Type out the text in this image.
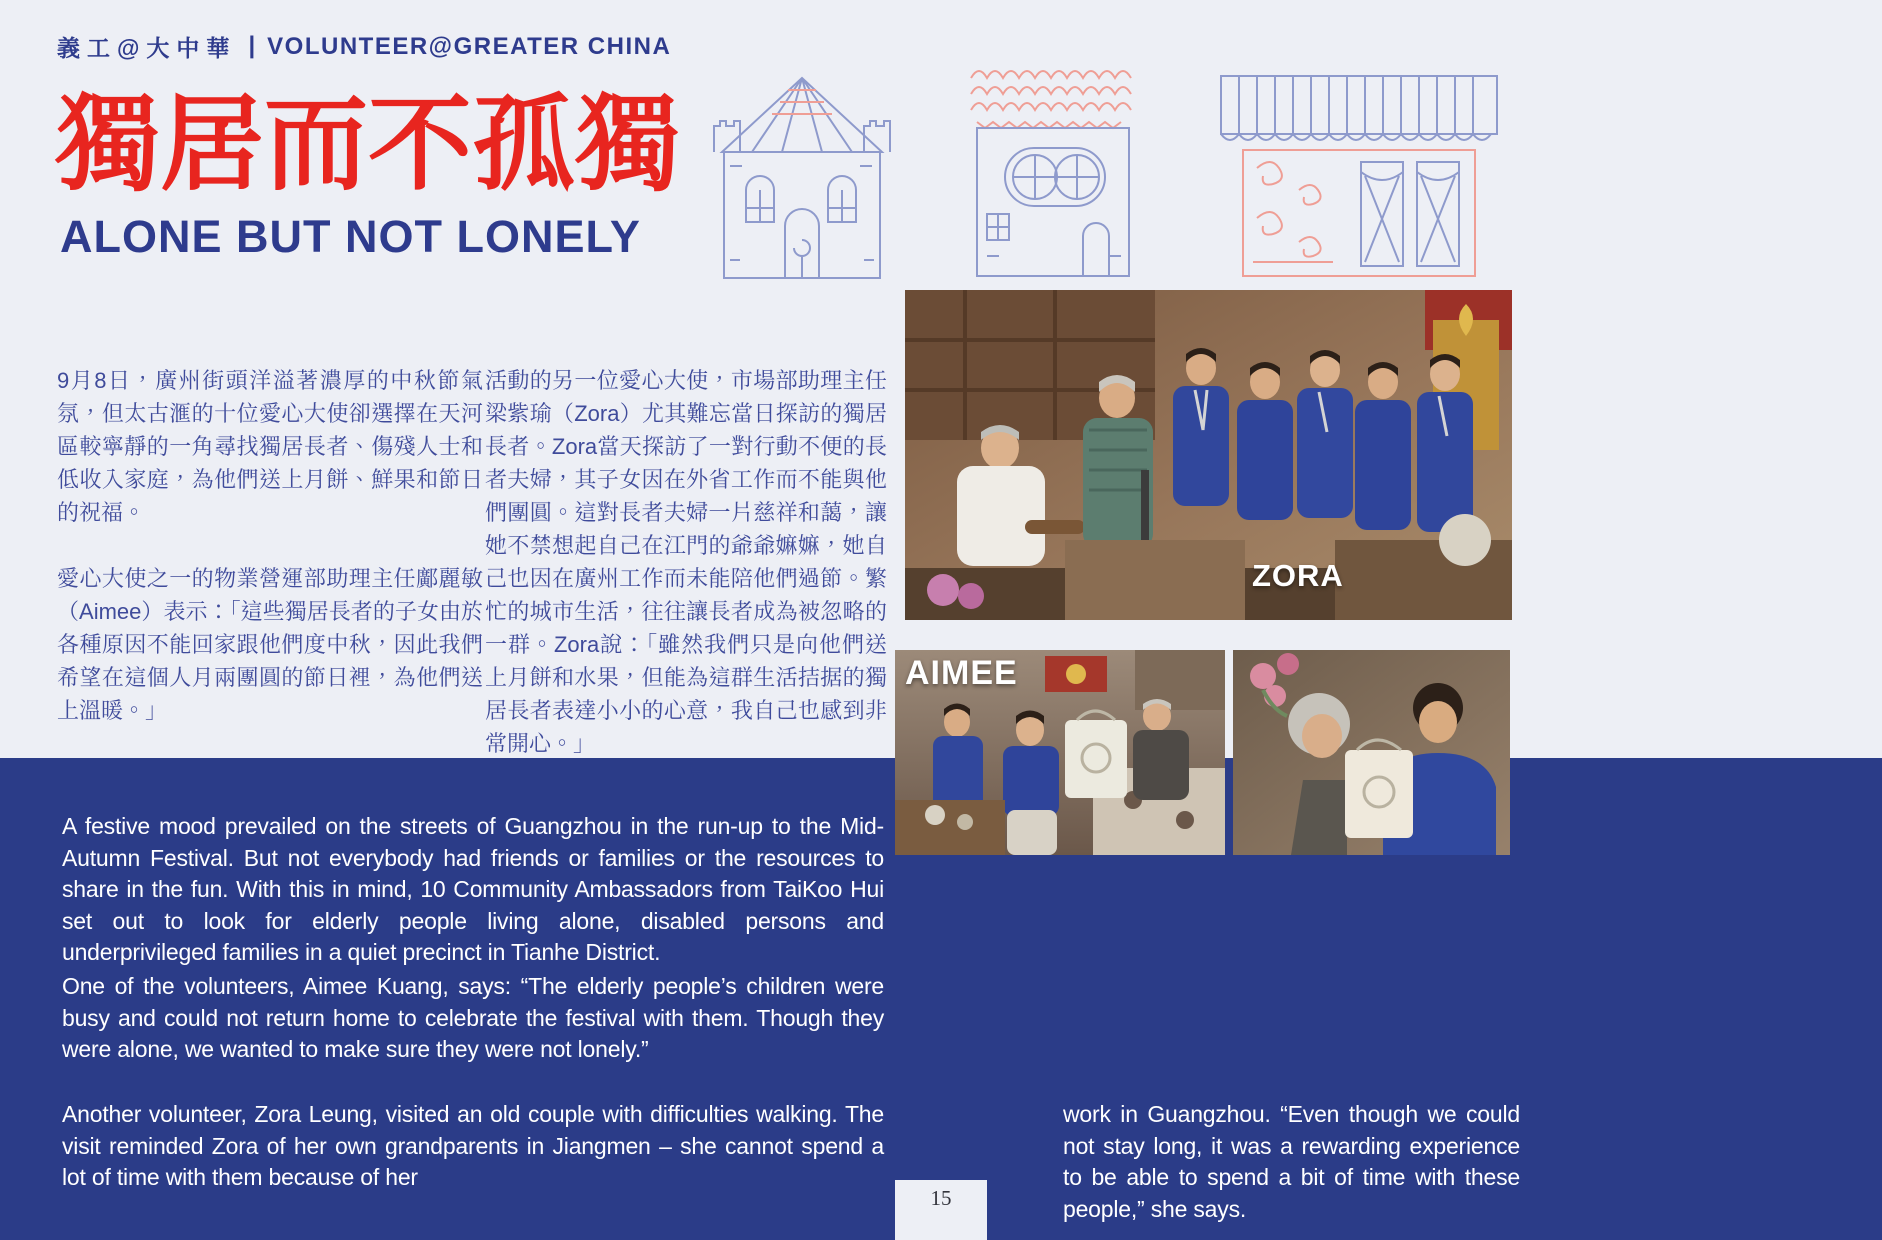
義工@大中華 | VOLUNTEER@GREATER CHINA
獨居而不孤獨
ALONE BUT NOT LONELY

9月8日，廣州街頭洋溢著濃厚的中秋節氣氛，但太古滙的十位愛心大使卻選擇在天河區較寧靜的一角尋找獨居長者、傷殘人士和低收入家庭，為他們送上月餅、鮮果和節日的祝福。

愛心大使之一的物業營運部助理主任鄺麗敏（Aimee）表示：「這些獨居長者的子女由於各種原因不能回家跟他們度中秋，因此我們希望在這個人月兩團圓的節日裡，為他們送上溫暖。」

活動的另一位愛心大使，市場部助理主任梁紫瑜（Zora）尤其難忘當日探訪的獨居長者。Zora當天探訪了一對行動不便的長者夫婦，其子女因在外省工作而不能與他們團圓。這對長者夫婦一片慈祥和藹，讓她不禁想起自己在江門的爺爺嫲嫲，她自己也因在廣州工作而未能陪他們過節。繁忙的城市生活，往往讓長者成為被忽略的一群。Zora說：「雖然我們只是向他們送上月餅和水果，但能為這群生活拮据的獨居長者表達小小的心意，我自己也感到非常開心。」

ZORA

A festive mood prevailed on the streets of Guangzhou in the run-up to the Mid-Autumn Festival. But not everybody had friends or families or the resources to share in the fun. With this in mind, 10 Community Ambassadors from TaiKoo Hui set out to look for elderly people living alone, disabled persons and underprivileged families in a quiet precinct in Tianhe District.

One of the volunteers, Aimee Kuang, says: “The elderly people’s children were busy and could not return home to celebrate the festival with them. Though they were alone, we wanted to make sure they were not lonely.”

Another volunteer, Zora Leung, visited an old couple with difficulties walking. The visit reminded Zora of her own grandparents in Jiangmen – she cannot spend a lot of time with them because of her

work in Guangzhou. “Even though we could not stay long, it was a rewarding experience to be able to spend a bit of time with these people,” she says.

AIMEE
15
